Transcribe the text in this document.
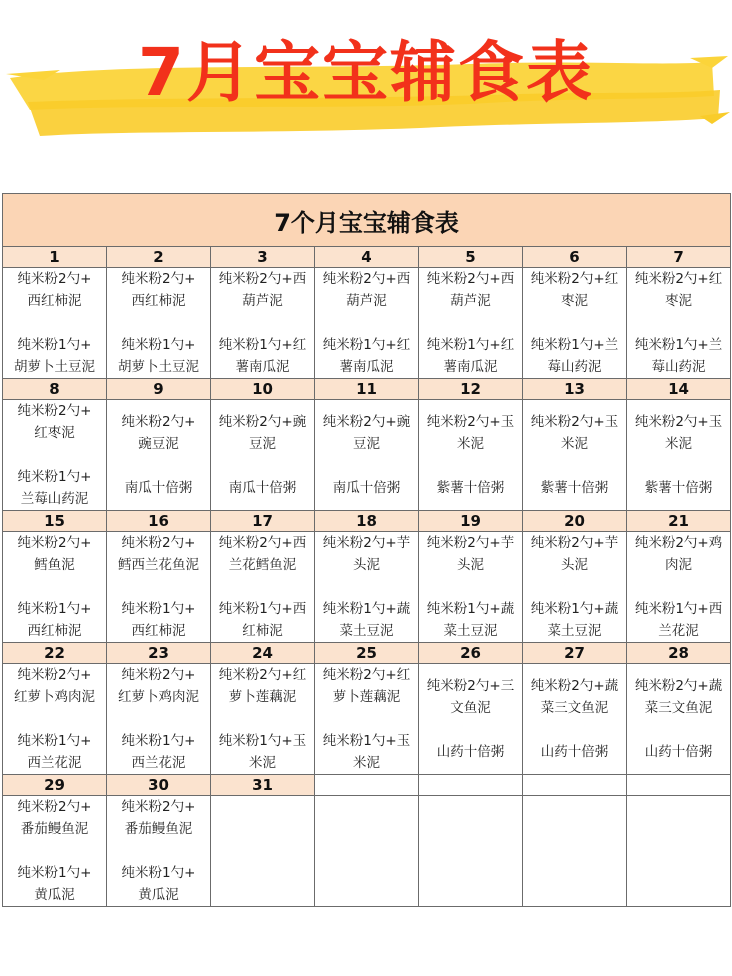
7月宝宝辅食表
7个月宝宝辅食表						
1	2	3	4	5	6	7

纯米粉2勺+
西红柿泥
纯米粉1勺+
胡萝卜土豆泥	纯米粉2勺+
西红柿泥
纯米粉1勺+
胡萝卜土豆泥	纯米粉2勺+西
葫芦泥
纯米粉1勺+红
薯南瓜泥	纯米粉2勺+西
葫芦泥
纯米粉1勺+红
薯南瓜泥	纯米粉2勺+西
葫芦泥
纯米粉1勺+红
薯南瓜泥	纯米粉2勺+红
枣泥
纯米粉1勺+兰
莓山药泥	纯米粉2勺+红
枣泥
纯米粉1勺+兰
莓山药泥

8	9	10	11	12	13	14

纯米粉2勺+
红枣泥
纯米粉1勺+
兰莓山药泥	纯米粉2勺+
豌豆泥
南瓜十倍粥	纯米粉2勺+豌
豆泥
南瓜十倍粥	纯米粉2勺+豌
豆泥
南瓜十倍粥	纯米粉2勺+玉
米泥
紫薯十倍粥	纯米粉2勺+玉
米泥
紫薯十倍粥	纯米粉2勺+玉
米泥
紫薯十倍粥

15	16	17	18	19	20	21

纯米粉2勺+
鳕鱼泥
纯米粉1勺+
西红柿泥	纯米粉2勺+
鳕西兰花鱼泥
纯米粉1勺+
西红柿泥	纯米粉2勺+西
兰花鳕鱼泥
纯米粉1勺+西
红柿泥	纯米粉2勺+芋
头泥
纯米粉1勺+蔬
菜土豆泥	纯米粉2勺+芋
头泥
纯米粉1勺+蔬
菜土豆泥	纯米粉2勺+芋
头泥
纯米粉1勺+蔬
菜土豆泥	纯米粉2勺+鸡
肉泥
纯米粉1勺+西
兰花泥

22	23	24	25	26	27	28

纯米粉2勺+
红萝卜鸡肉泥
纯米粉1勺+
西兰花泥	纯米粉2勺+
红萝卜鸡肉泥
纯米粉1勺+
西兰花泥	纯米粉2勺+红
萝卜莲藕泥
纯米粉1勺+玉
米泥	纯米粉2勺+红
萝卜莲藕泥
纯米粉1勺+玉
米泥	纯米粉2勺+三
文鱼泥
山药十倍粥	纯米粉2勺+蔬
菜三文鱼泥
山药十倍粥	纯米粉2勺+蔬
菜三文鱼泥
山药十倍粥

29	30	31				

纯米粉2勺+
番茄鳗鱼泥
纯米粉1勺+
黄瓜泥	纯米粉2勺+
番茄鳗鱼泥
纯米粉1勺+
黄瓜泥					
